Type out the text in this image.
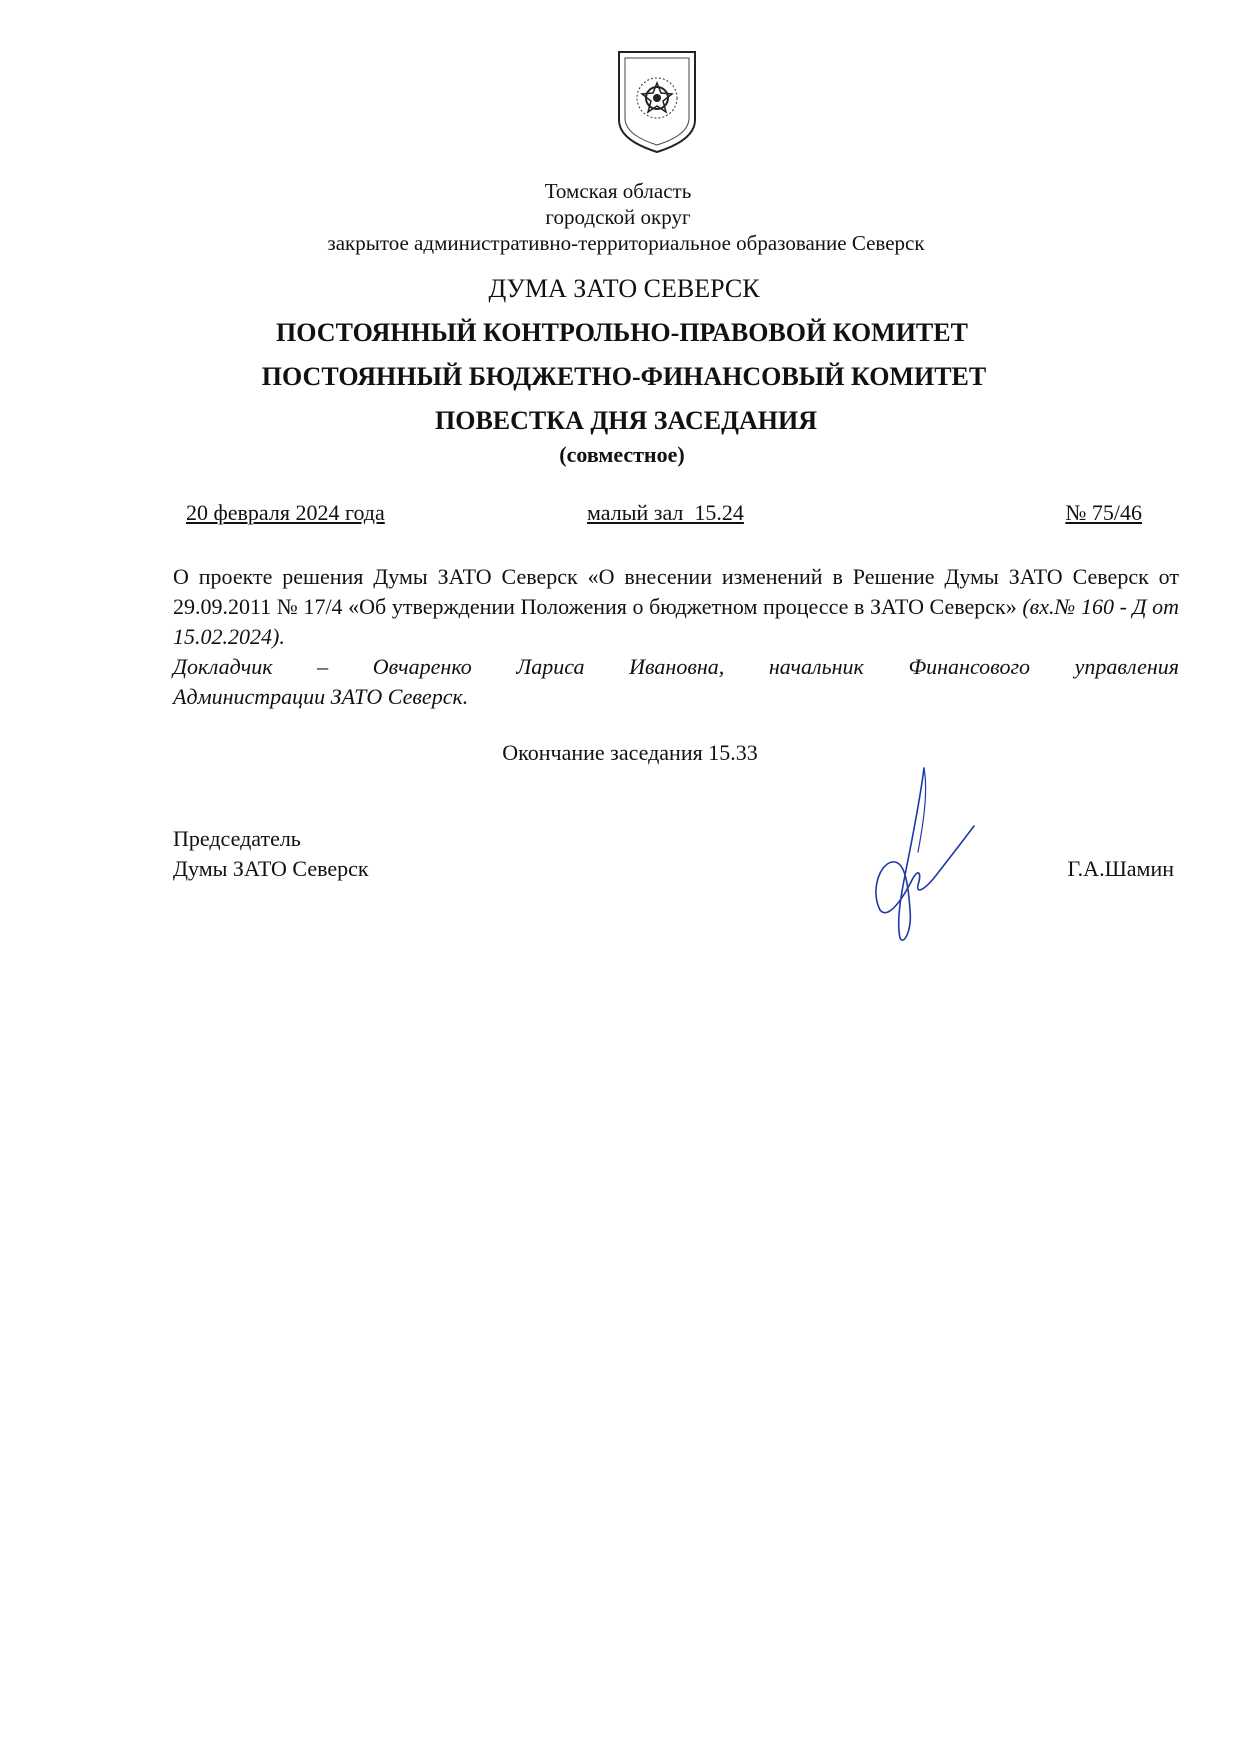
Томская область
городской округ
закрытое административно-территориальное образование Северск
ДУМА ЗАТО СЕВЕРСК
ПОСТОЯННЫЙ КОНТРОЛЬНО-ПРАВОВОЙ КОМИТЕТ
ПОСТОЯННЫЙ БЮДЖЕТНО-ФИНАНСОВЫЙ КОМИТЕТ
ПОВЕСТКА ДНЯ ЗАСЕДАНИЯ
(совместное)
20 февраля 2024 года	малый зал  15.24	№ 75/46
О проекте решения Думы ЗАТО Северск «О внесении изменений в Решение Думы ЗАТО Северск от 29.09.2011 № 17/4 «Об утверждении Положения о бюджетном процессе в ЗАТО Северск» (вх.№ 160 - Д от 15.02.2024).
Докладчик – Овчаренко Лариса Ивановна, начальник Финансового управления
Администрации ЗАТО Северск.
Окончание заседания 15.33
Председатель
Думы ЗАТО Северск	Г.А.Шамин
